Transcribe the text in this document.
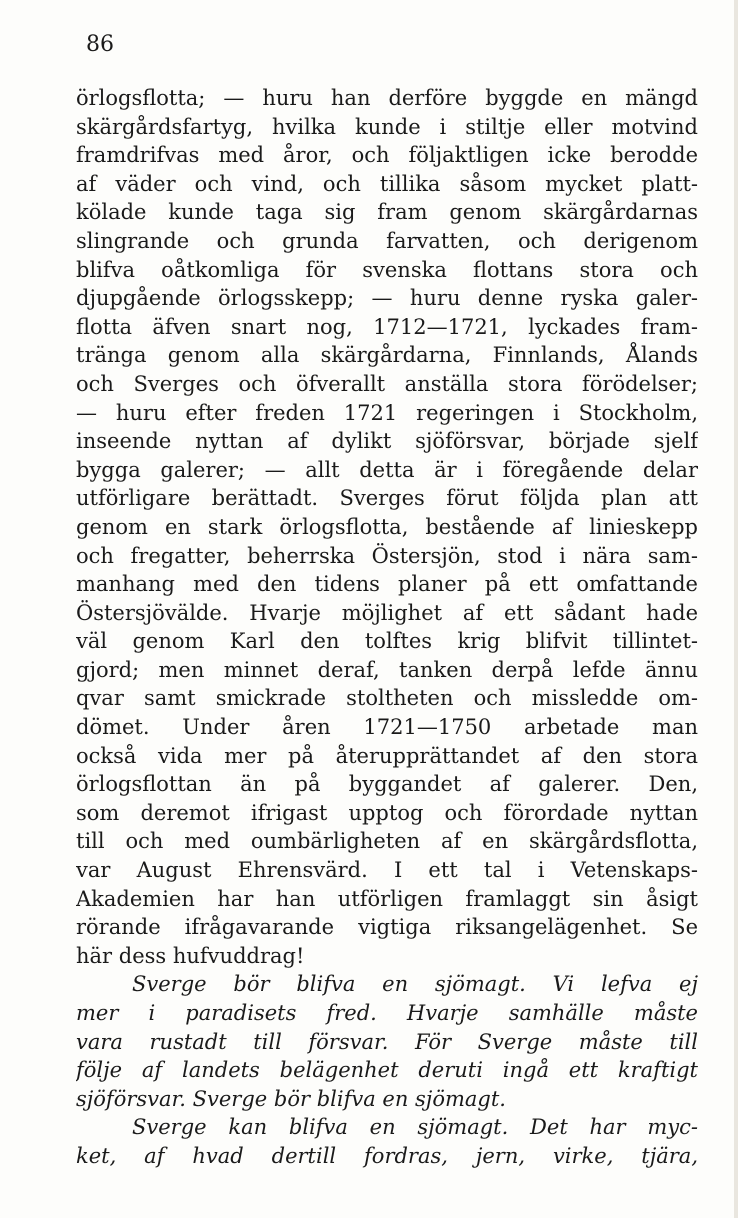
86

örlogsflotta; — huru han derföre byggde en mängd
skärgårdsfartyg, hvilka kunde i stiltje eller motvind
framdrifvas med åror, och följaktligen icke berodde
af väder och vind, och tillika såsom mycket platt-
kölade kunde taga sig fram genom skärgårdarnas
slingrande och grunda farvatten, och derigenom
blifva oåtkomliga för svenska flottans stora och
djupgående örlogsskepp; — huru denne ryska galer-
flotta äfven snart nog, 1712—1721, lyckades fram-
tränga genom alla skärgårdarna, Finnlands, Ålands
och Sverges och öfverallt anställa stora förödelser;
— huru efter freden 1721 regeringen i Stockholm,
inseende nyttan af dylikt sjöförsvar, började sjelf
bygga galerer; — allt detta är i föregående delar
utförligare berättadt. Sverges förut följda plan att
genom en stark örlogsflotta, bestående af linieskepp
och fregatter, beherrska Östersjön, stod i nära sam-
manhang med den tidens planer på ett omfattande
Östersjövälde. Hvarje möjlighet af ett sådant hade
väl genom Karl den tolftes krig blifvit tillintet-
gjord; men minnet deraf, tanken derpå lefde ännu
qvar samt smickrade stoltheten och missledde om-
dömet. Under åren 1721—1750 arbetade man
också vida mer på återupprättandet af den stora
örlogsflottan än på byggandet af galerer. Den,
som deremot ifrigast upptog och förordade nyttan
till och med oumbärligheten af en skärgårdsflotta,
var August Ehrensvärd. I ett tal i Vetenskaps-
Akademien har han utförligen framlaggt sin åsigt
rörande ifrågavarande vigtiga riksangelägenhet. Se
här dess hufvuddrag!
Sverge bör blifva en sjömagt. Vi lefva ej
mer i paradisets fred. Hvarje samhälle måste
vara rustadt till försvar. För Sverge måste till
följe af landets belägenhet deruti ingå ett kraftigt
sjöförsvar. Sverge bör blifva en sjömagt.
Sverge kan blifva en sjömagt. Det har myc-
ket, af hvad dertill fordras, jern, virke, tjära,
